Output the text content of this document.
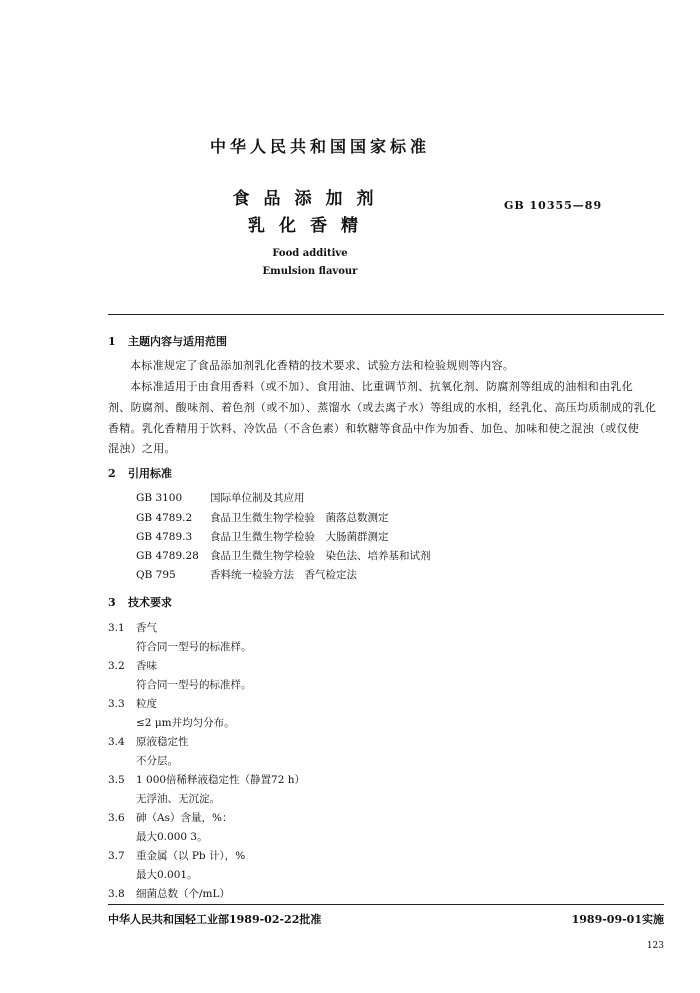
中华人民共和国国家标准
食品添加剂
乳化香精
GB 10355—89
Food additive
Emulsion flavour
1 主题内容与适用范围
本标准规定了食品添加剂乳化香精的技术要求、试验方法和检验规则等内容。
本标准适用于由食用香料（或不加）、食用油、比重调节剂、抗氧化剂、防腐剂等组成的油相和由乳化
剂、防腐剂、酸味剂、着色剂（或不加）、蒸馏水（或去离子水）等组成的水相，经乳化、高压均质制成的乳化
香精。乳化香精用于饮料、冷饮品（不含色素）和软糖等食品中作为加香、加色、加味和使之混浊（或仅使
混浊）之用。
2 引用标准
GB 3100	国际单位制及其应用
GB 4789.2 食品卫生微生物学检验　菌落总数测定
GB 4789.3 食品卫生微生物学检验　大肠菌群测定
GB 4789.28 食品卫生微生物学检验　染色法、培养基和试剂
QB 795	香料统一检验方法　香气检定法
3 技术要求
3.1 香气
符合同一型号的标准样。
3.2 香味
符合同一型号的标准样。
3.3 粒度
≤2 μm并均匀分布。
3.4 原液稳定性
不分层。
3.5 1 000倍稀释液稳定性（静置72 h）
无浮油、无沉淀。
3.6 砷（As）含量，%：
最大0.000 3。
3.7 重金属（以 Pb 计），%
最大0.001。
3.8 细菌总数（个/mL）
中华人民共和国轻工业部1989-02-22批准	1989-09-01实施
123
